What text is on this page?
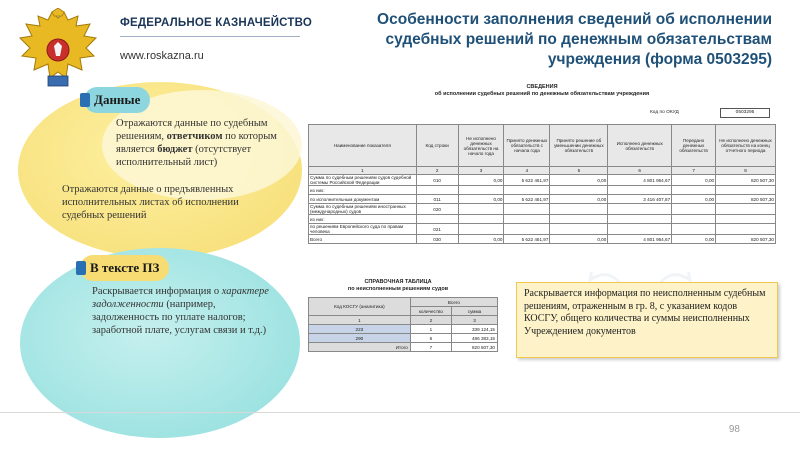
ФЕДЕРАЛЬНОЕ КАЗНАЧЕЙСТВО
www.roskazna.ru
Особенности заполнения сведений об исполнении судебных решений по денежным обязательствам учреждения (форма 0503295)
Данные
Отражаются данные по судебным решениям, ответчиком по которым является бюджет (отсутствует исполнительный лист)
Отражаются данные о предъявленных исполнительных листах об исполнении судебных решений
В тексте ПЗ
Раскрывается информация о характере задолженности (например, задолженность по уплате налогов; заработной плате, услугам связи и т.д.)
СВЕДЕНИЯ
об исполнении судебных решений по денежным обязательствам учреждения
Код по ОКУД	0503295
Наименование показателя	Код строки	Не исполнено денежных обязательств на начало года	Принято денежных обязательств с начала года	Принято решение об уменьшении денежных обязательств	Исполнено денежных обязательств	Передано денежных обязательств	Не исполнено денежных обязательств на конец отчетного периода
1	2	3	4	5	6	7	8
Сумма по судебным решениям судов судебной системы Российской Федерации	010	0,00	5 622 461,97	0,00	4 801 954,67	0,00	820 507,30
из них:							
по исполнительным документам	011	0,00	5 622 461,97	0,00	3 416 407,87	0,00	820 507,30
Сумма по судебным решениям иностранных (международных) судов	020						
из них:							
по решениям Европейского суда по правам человека	021						
Всего	030	0,00	5 622 461,97	0,00	4 801 954,67	0,00	820 507,30
СПРАВОЧНАЯ ТАБЛИЦА
по неисполненным решениям судов
Код КОСГУ (аналитика)	Всего	
	количество	сумма
1	2	3
223	1	339 124,15
290	6	486 383,15
Итого	7	820 507,30
Раскрывается информация по неисполненным судебным решениям, отраженным в гр. 8, с указанием кодов КОСГУ, общего количества и суммы неисполненных Учреждением документов
98
